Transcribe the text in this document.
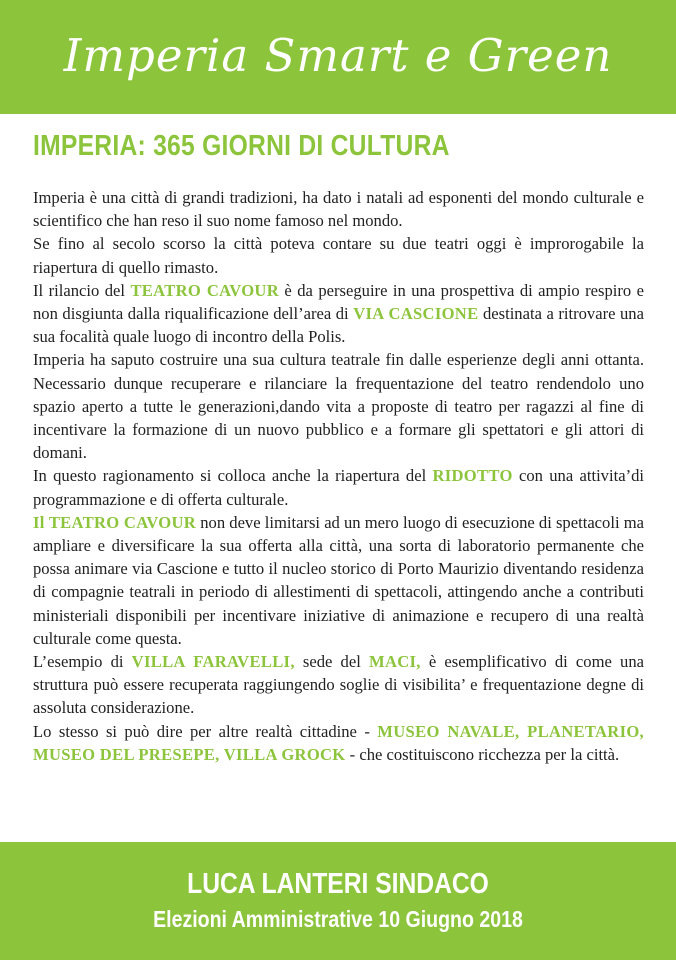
Imperia Smart e Green
IMPERIA: 365 GIORNI DI CULTURA

Imperia è una città di grandi tradizioni, ha dato i natali ad esponenti del mondo culturale e scientifico che han reso il suo nome famoso nel mondo.

Se fino al secolo scorso la città poteva contare su due teatri oggi è improrogabile la riapertura di quello rimasto.

Il rilancio del TEATRO CAVOUR è da perseguire in una prospettiva di ampio respiro e non disgiunta dalla riqualificazione dell’area di VIA CASCIONE destinata a ritrovare una sua focalità quale luogo di incontro della Polis.

Imperia ha saputo costruire una sua cultura teatrale fin dalle esperienze degli anni ottanta. Necessario dunque recuperare e rilanciare la frequentazione del teatro rendendolo uno spazio aperto a tutte le generazioni,dando vita a proposte di teatro per ragazzi al fine di incentivare la formazione di un nuovo pubblico e a formare gli spettatori e gli attori di domani.

In questo ragionamento si colloca anche la riapertura del RIDOTTO con una attivita’di programmazione e di offerta culturale.

Il TEATRO CAVOUR non deve limitarsi ad un mero luogo di esecuzione di spettacoli ma ampliare e diversificare la sua offerta alla città, una sorta di laboratorio permanente che possa animare via Cascione e tutto il nucleo storico di Porto Maurizio diventando residenza di compagnie teatrali in periodo di allestimenti di spettacoli, attingendo anche a contributi ministeriali disponibili per incentivare iniziative di animazione e recupero di una realtà culturale come questa.

L’esempio di VILLA FARAVELLI, sede del MACI, è esemplificativo di come una struttura può essere recuperata raggiungendo soglie di visibilita’ e frequentazione degne di assoluta considerazione.

Lo stesso si può dire per altre realtà cittadine - MUSEO NAVALE, PLANETARIO, MUSEO DEL PRESEPE, VILLA GROCK - che costituiscono ricchezza per la città.

LUCA LANTERI SINDACO
Elezioni Amministrative 10 Giugno 2018
